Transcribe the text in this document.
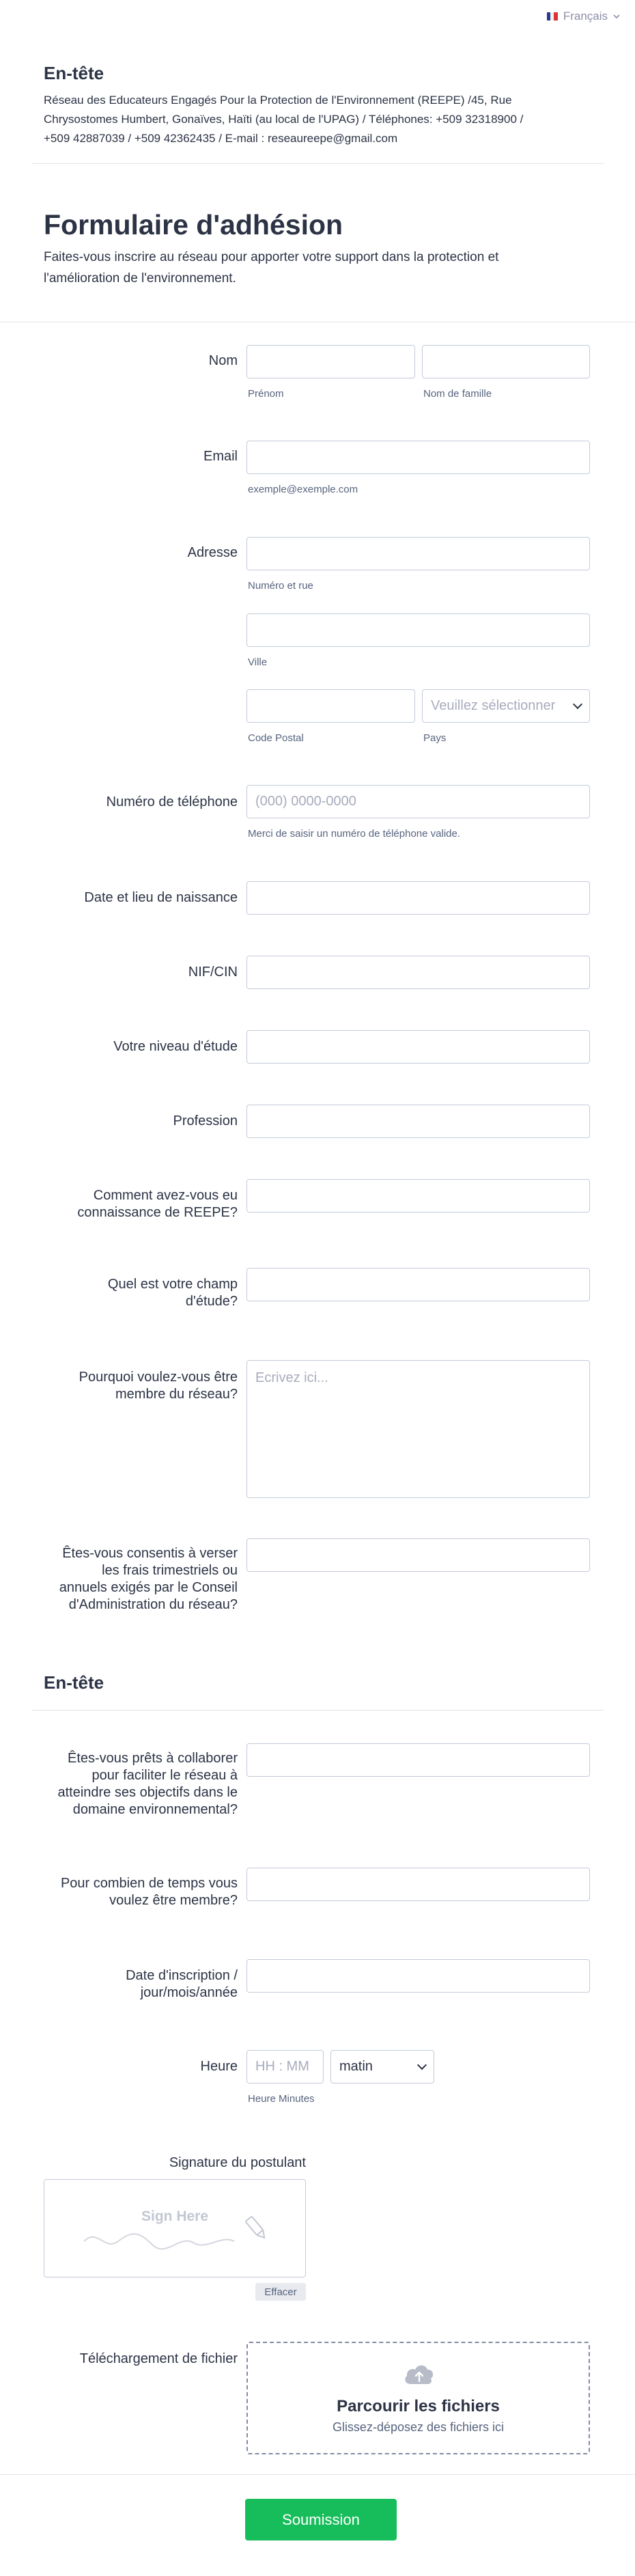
Français
En-tête
Réseau des Educateurs Engagés Pour la Protection de l'Environnement (REEPE) /45, Rue
Chrysostomes Humbert, Gonaïves, Haïti (au local de l'UPAG) / Téléphones: +509 32318900 /
+509 42887039 / +509 42362435 / E-mail : reseaureepe@gmail.com
Formulaire d'adhésion
Faites-vous inscrire au réseau pour apporter votre support dans la protection et
l'amélioration de l'environnement.
Nom
Prénom	Nom de famille
Email
exemple@exemple.com
Adresse
Numéro et rue
Ville
Veuillez sélectionner
Code Postal	Pays
Numéro de téléphone	(000) 0000-0000
Merci de saisir un numéro de téléphone valide.
Date et lieu de naissance
NIF/CIN
Votre niveau d'étude
Profession
Comment avez-vous eu
connaissance de REEPE?
Quel est votre champ
d'étude?
Pourquoi voulez-vous être
membre du réseau?
Ecrivez ici...
Êtes-vous consentis à verser
les frais trimestriels ou
annuels exigés par le Conseil
d'Administration du réseau?
En-tête
Êtes-vous prêts à collaborer
pour faciliter le réseau à
atteindre ses objectifs dans le
domaine environnemental?
Pour combien de temps vous
voulez être membre?
Date d'inscription /
jour/mois/année
Heure	HH : MM	matin
Heure Minutes
Signature du postulant
Sign Here
Effacer
Téléchargement de fichier
Parcourir les fichiers
Glissez-déposez des fichiers ici
Soumission
